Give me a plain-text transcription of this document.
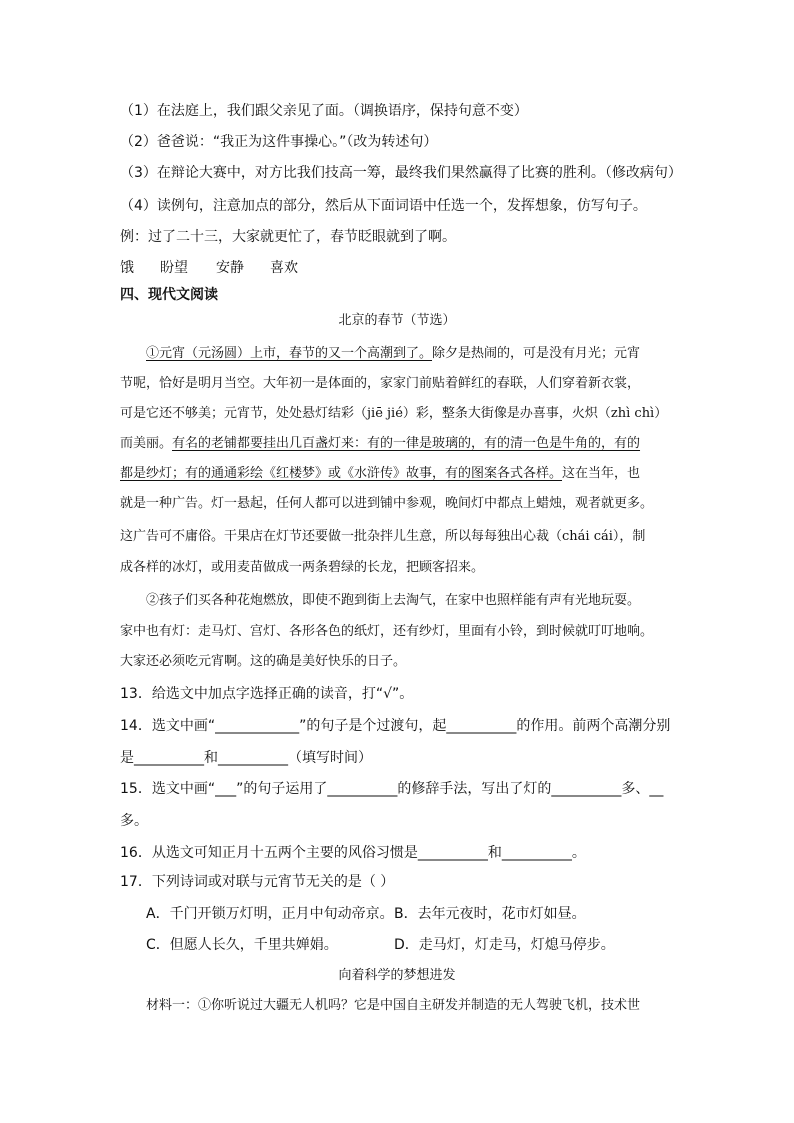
（1）在法庭上，我们跟父亲见了面。（调换语序，保持句意不变）
（2）爸爸说：“我正为这件事操心。”（改为转述句）
（3）在辩论大赛中，对方比我们技高一筹，最终我们果然赢得了比赛的胜利。（修改病句）
（4）读例句，注意加点的部分，然后从下面词语中任选一个，发挥想象，仿写句子。
例：过了二十三，大家就更忙了，春节眨眼就到了啊。
饿 盼望 安静 喜欢
四、现代文阅读
北京的春节（节选）
①元宵（元汤圆）上市，春节的又一个高潮到了。除夕是热闹的，可是没有月光；元宵
节呢，恰好是明月当空。大年初一是体面的，家家门前贴着鲜红的春联，人们穿着新衣裳，
可是它还不够美；元宵节，处处悬灯结彩（jiē jié）彩，整条大街像是办喜事，火炽（zhì chì）
而美丽。有名的老铺都要挂出几百盏灯来：有的一律是玻璃的，有的清一色是牛角的，有的
都是纱灯；有的通通彩绘《红楼梦》或《水浒传》故事，有的图案各式各样。这在当年，也
就是一种广告。灯一悬起，任何人都可以进到铺中参观，晚间灯中都点上蜡烛，观者就更多。
这广告可不庸俗。干果店在灯节还要做一批杂拌儿生意，所以每每独出心裁（chái cái），制
成各样的冰灯，或用麦苗做成一两条碧绿的长龙，把顾客招来。
②孩子们买各种花炮燃放，即使不跑到街上去淘气，在家中也照样能有声有光地玩耍。
家中也有灯：走马灯、宫灯、各形各色的纸灯，还有纱灯，里面有小铃，到时候就叮叮地响。
大家还必须吃元宵啊。这的确是美好快乐的日子。
13．给选文中加点字选择正确的读音，打“√”。
14．选文中画“____________”的句子是个过渡句，起__________的作用。前两个高潮分别
是__________和__________（填写时间）
15．选文中画“___”的句子运用了__________的修辞手法，写出了灯的__________多、__
多。
16．从选文可知正月十五两个主要的风俗习惯是__________和__________。
17．下列诗词或对联与元宵节无关的是（ ）
A．千门开锁万灯明，正月中旬动帝京。 B．去年元夜时，花市灯如昼。
C．但愿人长久，千里共婵娟。	D．走马灯，灯走马，灯熄马停步。
向着科学的梦想进发
材料一：①你听说过大疆无人机吗？它是中国自主研发并制造的无人驾驶飞机，技术世
